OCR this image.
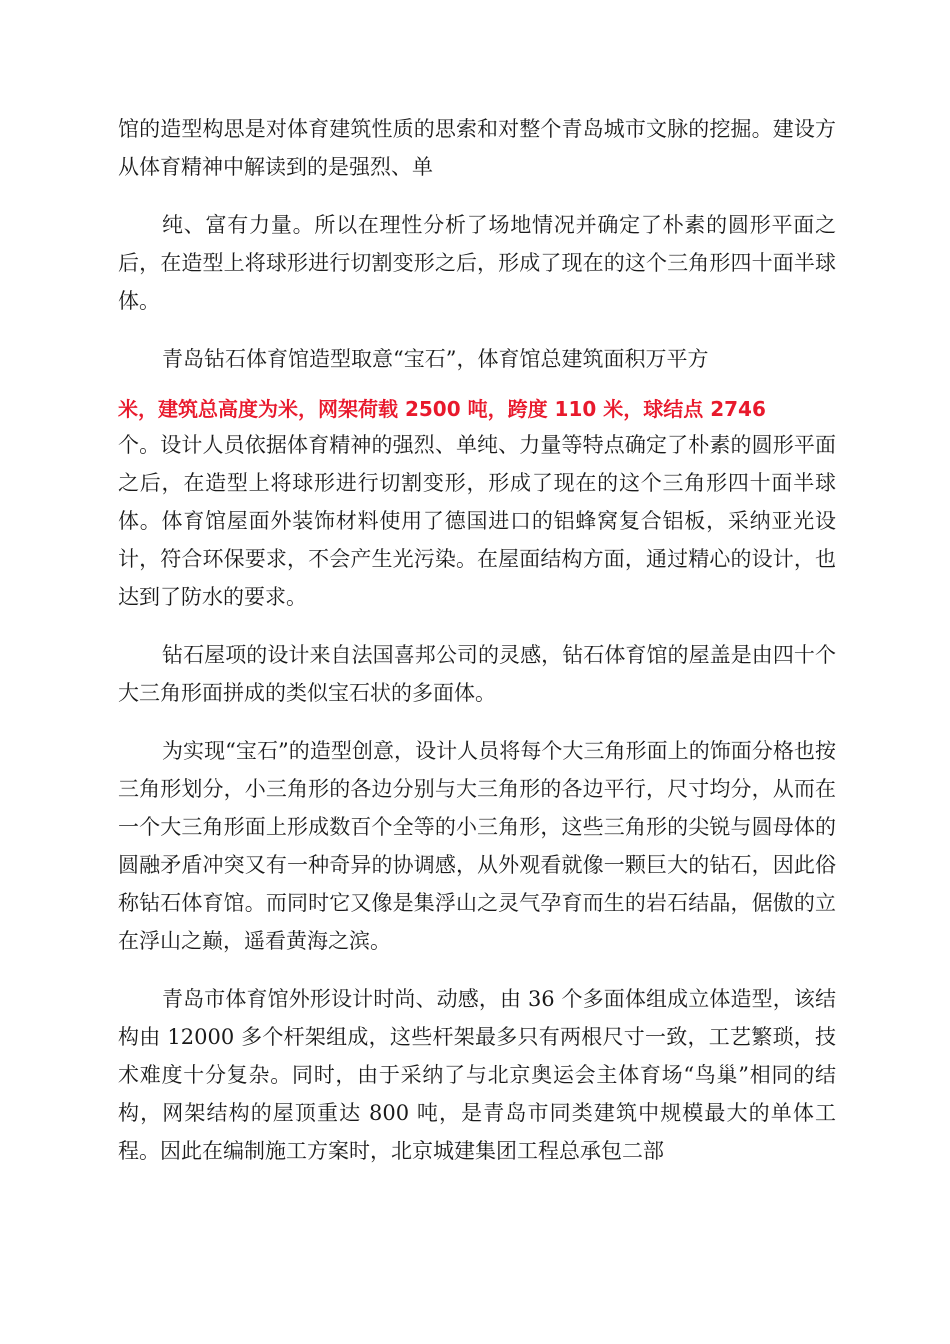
馆的造型构思是对体育建筑性质的思索和对整个青岛城市文脉的挖掘。建设方从体育精神中解读到的是强烈、单

纯、富有力量。所以在理性分析了场地情况并确定了朴素的圆形平面之后，在造型上将球形进行切割变形之后，形成了现在的这个三角形四十面半球体。

青岛钻石体育馆造型取意“宝石”，体育馆总建筑面积万平方

米，建筑总高度为米，网架荷载 2500 吨，跨度 110 米，球结点 2746

个。设计人员依据体育精神的强烈、单纯、力量等特点确定了朴素的圆形平面之后，在造型上将球形进行切割变形，形成了现在的这个三角形四十面半球体。体育馆屋面外装饰材料使用了德国进口的铝蜂窝复合铝板，采纳亚光设计，符合环保要求，不会产生光污染。在屋面结构方面，通过精心的设计，也达到了防水的要求。

钻石屋项的设计来自法国喜邦公司的灵感，钻石体育馆的屋盖是由四十个大三角形面拼成的类似宝石状的多面体。

为实现“宝石”的造型创意，设计人员将每个大三角形面上的饰面分格也按三角形划分，小三角形的各边分别与大三角形的各边平行，尺寸均分，从而在一个大三角形面上形成数百个全等的小三角形，这些三角形的尖锐与圆母体的圆融矛盾冲突又有一种奇异的协调感，从外观看就像一颗巨大的钻石，因此俗称钻石体育馆。而同时它又像是集浮山之灵气孕育而生的岩石结晶，倨傲的立在浮山之巅，遥看黄海之滨。

青岛市体育馆外形设计时尚、动感，由 36 个多面体组成立体造型，该结构由 12000 多个杆架组成，这些杆架最多只有两根尺寸一致，工艺繁琐，技术难度十分复杂。同时，由于采纳了与北京奥运会主体育场“鸟巢”相同的结构，网架结构的屋顶重达 800 吨，是青岛市同类建筑中规模最大的单体工程。因此在编制施工方案时，北京城建集团工程总承包二部
